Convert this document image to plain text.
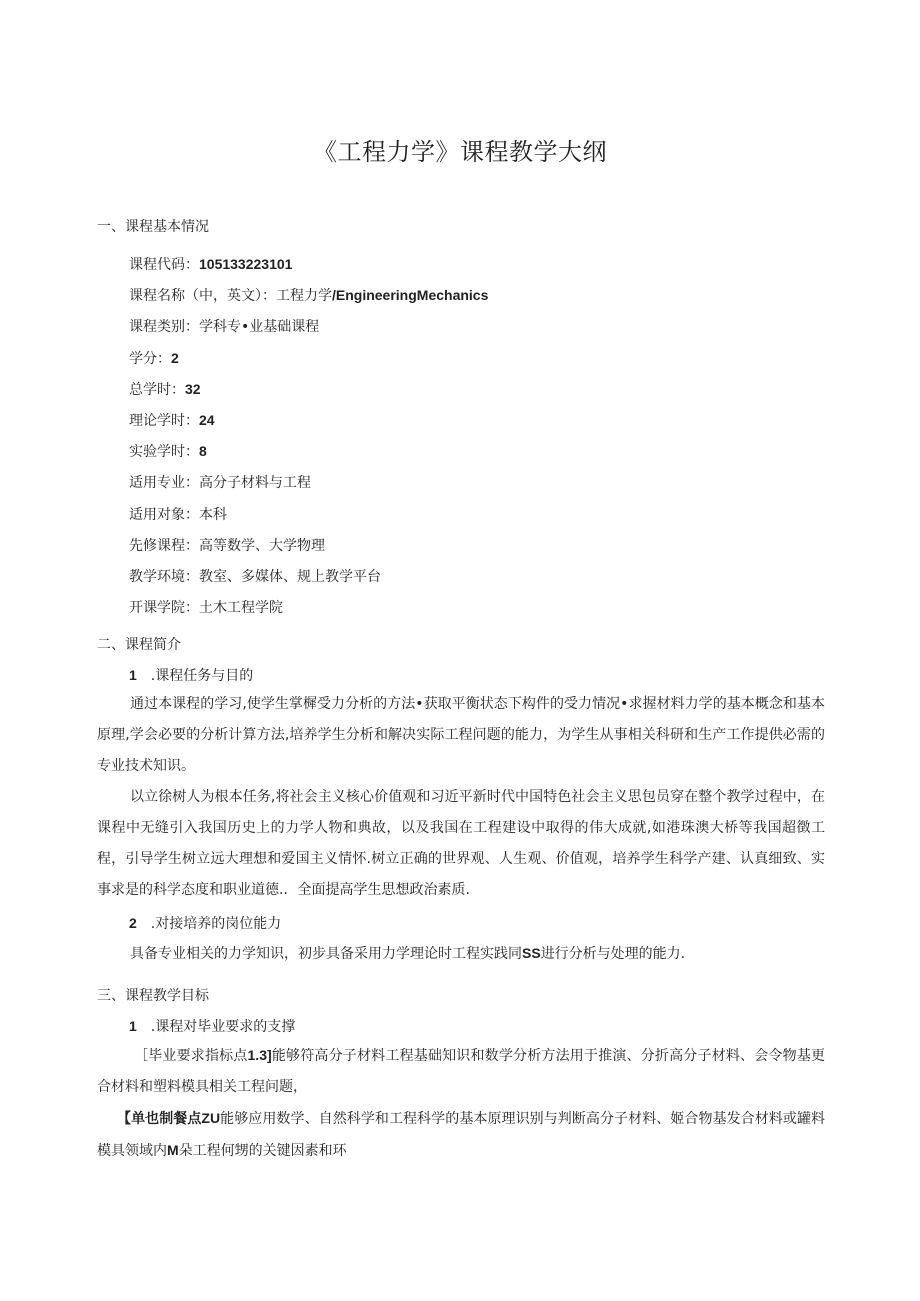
《工程力学》课程教学大纲
一、课程基本情况
课程代码：105133223101
课程名称（中，英文）：工程力学/EngineeringMechanics
课程类别：学科专•业基础课程
学分：2
总学时：32
理论学时：24
实验学时：8
适用专业：高分子材料与工程
适用对象：本科
先修课程：高等数学、大学物理
教学环境：教室、多媒体、规上教学平台
开课学院：土木工程学院
二、课程简介
1 .课程任务与目的
通过本课程的学习,使学生掌樨受力分析的方法•获取平衡状态下构件的受力情况•求握材料力学的基本概念和基本原理,学会必要的分析计算方法,培养学生分析和解决实际工程问题的能力，为学生从事相关科研和生产工作提供必需的专业技术知识。
以立徐树人为根本任务,将社会主义核心价值观和习近平新时代中国特色社会主义思包员穿在整个教学过程中，在课程中无缝引入我国历史上的力学人物和典故，以及我国在工程建设中取得的伟大成就,如港珠澳大桥等我国超徴工程，引导学生树立远大理想和爱国主义情怀.树立正确的世界观、人生观、价值观，培养学生科学产建、认真细致、实事求是的科学态度和职业道德.．全面提高学生思想政治素质.
2 .对接培养的岗位能力
具备专业相关的力学知识，初步具备采用力学理论时工程实践同SS进行分析与处理的能力.
三、课程教学目标
1 .课程对毕业要求的支撑
［毕业要求指标点1.3]能够符高分子材料工程基础知识和数学分析方法用于推演、分折高分子材料、会令物基更合材料和塑料模具相关工程问题，
【单也制餐点ZU能够应用数学、自然科学和工程科学的基本原理识别与判断高分子材料、姬合物基发合材料或罐料模具领域内M朵工程何甥的关键因素和环
